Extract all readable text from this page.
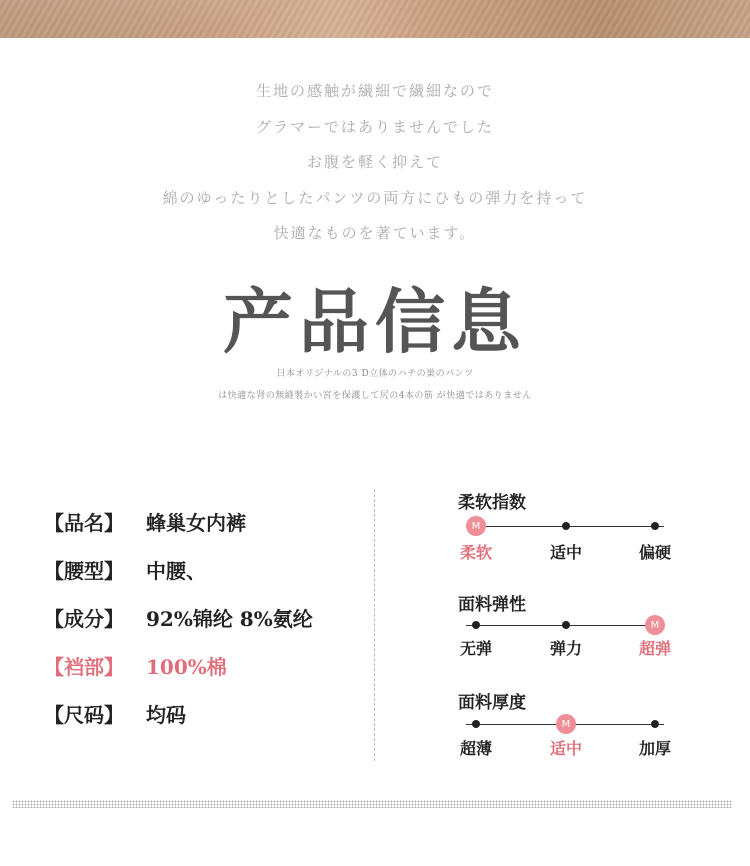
生地の感触が繊細で繊細なので
グラマーではありませんでした
お腹を軽く抑えて
綿のゆったりとしたパンツの両方にひもの弾力を持って
快適なものを著ています。
产品信息
日本オリジナルの3 D立体のハチの巣のパンツ
は快適な肾の無縫製かい宮を保護して尻の4本の筋 が快適ではありません
【品名】	蜂巢女内裤
【腰型】	中腰、
【成分】	92%锦纶 8%氨纶
【裆部】	100%棉
【尺码】	均码
柔软指数
M
柔软	适中	偏硬
面料弹性
M
无弹	弹力	超弹
面料厚度
M
超薄	适中	加厚
